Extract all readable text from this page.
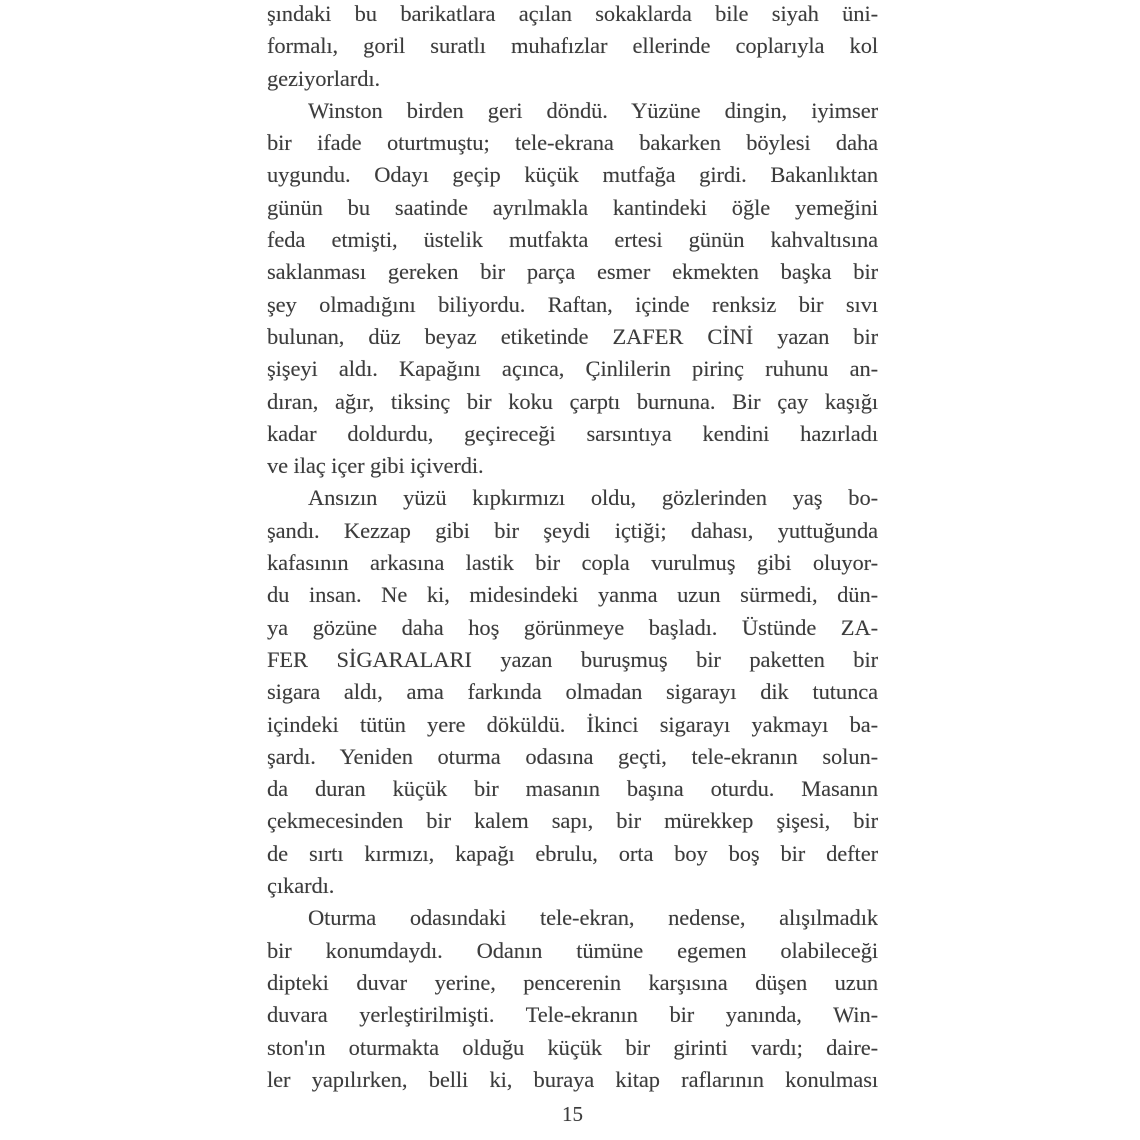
şındaki bu barikatlara açılan sokaklarda bile siyah üni-
formalı, goril suratlı muhafızlar ellerinde coplarıyla kol
geziyorlardı.
Winston birden geri döndü. Yüzüne dingin, iyimser
bir ifade oturtmuştu; tele-ekrana bakarken böylesi daha
uygundu. Odayı geçip küçük mutfağa girdi. Bakanlıktan
günün bu saatinde ayrılmakla kantindeki öğle yemeğini
feda etmişti, üstelik mutfakta ertesi günün kahvaltısına
saklanması gereken bir parça esmer ekmekten başka bir
şey olmadığını biliyordu. Raftan, içinde renksiz bir sıvı
bulunan, düz beyaz etiketinde ZAFER CİNİ yazan bir
şişeyi aldı. Kapağını açınca, Çinlilerin pirinç ruhunu an-
dıran, ağır, tiksinç bir koku çarptı burnuna. Bir çay kaşığı
kadar doldurdu, geçireceği sarsıntıya kendini hazırladı
ve ilaç içer gibi içiverdi.
Ansızın yüzü kıpkırmızı oldu, gözlerinden yaş bo-
şandı. Kezzap gibi bir şeydi içtiği; dahası, yuttuğunda
kafasının arkasına lastik bir copla vurulmuş gibi oluyor-
du insan. Ne ki, midesindeki yanma uzun sürmedi, dün-
ya gözüne daha hoş görünmeye başladı. Üstünde ZA-
FER SİGARALARI yazan buruşmuş bir paketten bir
sigara aldı, ama farkında olmadan sigarayı dik tutunca
içindeki tütün yere döküldü. İkinci sigarayı yakmayı ba-
şardı. Yeniden oturma odasına geçti, tele-ekranın solun-
da duran küçük bir masanın başına oturdu. Masanın
çekmecesinden bir kalem sapı, bir mürekkep şişesi, bir
de sırtı kırmızı, kapağı ebrulu, orta boy boş bir defter
çıkardı.
Oturma odasındaki tele-ekran, nedense, alışılmadık
bir konumdaydı. Odanın tümüne egemen olabileceği
dipteki duvar yerine, pencerenin karşısına düşen uzun
duvara yerleştirilmişti. Tele-ekranın bir yanında, Win-
ston'ın oturmakta olduğu küçük bir girinti vardı; daire-
ler yapılırken, belli ki, buraya kitap raflarının konulması
15
